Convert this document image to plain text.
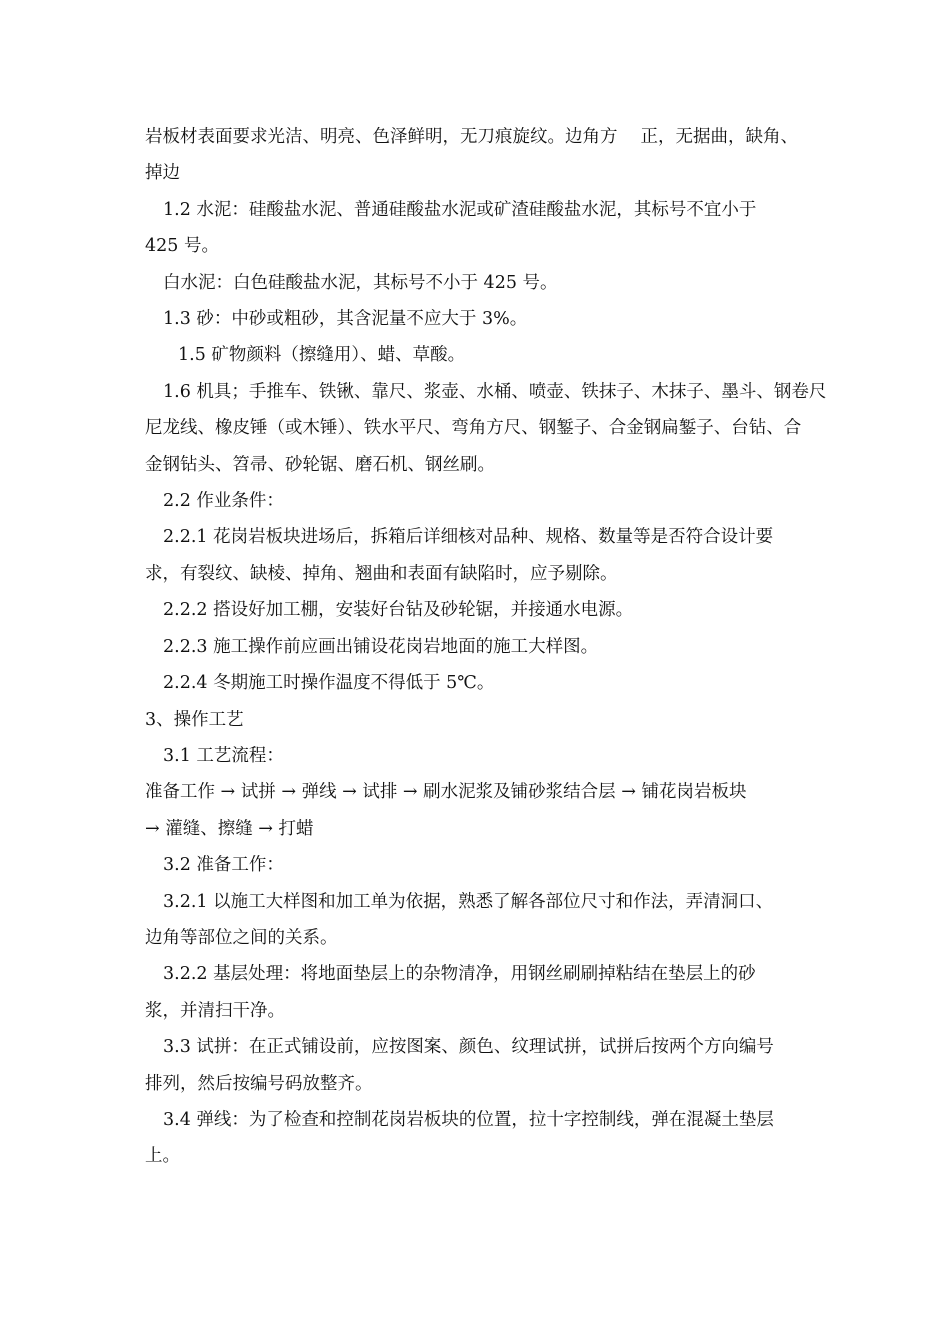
岩板材表面要求光洁、明亮、色泽鲜明，无刀痕旋纹。边角方　 正，无据曲，缺角、
掉边
1.2 水泥：硅酸盐水泥、普通硅酸盐水泥或矿渣硅酸盐水泥，其标号不宜小于
425 号。
白水泥：白色硅酸盐水泥，其标号不小于 425 号。
1.3 砂：中砂或粗砂，其含泥量不应大于 3%。
1.5 矿物颜料（擦缝用）、蜡、草酸。
1.6 机具；手推车、铁锹、靠尺、浆壶、水桶、喷壶、铁抹子、木抹子、墨斗、钢卷尺
尼龙线、橡皮锤（或木锤）、铁水平尺、弯角方尺、钢錾子、合金钢扁錾子、台钻、合
金钢钻头、笤帚、砂轮锯、磨石机、钢丝刷。
2.2 作业条件：
2.2.1 花岗岩板块进场后，拆箱后详细核对品种、规格、数量等是否符合设计要
求，有裂纹、缺棱、掉角、翘曲和表面有缺陷时，应予剔除。
2.2.2 搭设好加工棚，安装好台钻及砂轮锯，并接通水电源。
2.2.3 施工操作前应画出铺设花岗岩地面的施工大样图。
2.2.4 冬期施工时操作温度不得低于 5℃。
3、操作工艺
3.1 工艺流程：
准备工作 → 试拼 → 弹线 → 试排 → 刷水泥浆及铺砂浆结合层 → 铺花岗岩板块
→ 灌缝、擦缝 → 打蜡
3.2 准备工作：
3.2.1 以施工大样图和加工单为依据，熟悉了解各部位尺寸和作法，弄清洞口、
边角等部位之间的关系。
3.2.2 基层处理：将地面垫层上的杂物清净，用钢丝刷刷掉粘结在垫层上的砂
浆，并清扫干净。
3.3 试拼：在正式铺设前，应按图案、颜色、纹理试拼，试拼后按两个方向编号
排列，然后按编号码放整齐。
3.4 弹线：为了检查和控制花岗岩板块的位置，拉十字控制线，弹在混凝土垫层
上。
